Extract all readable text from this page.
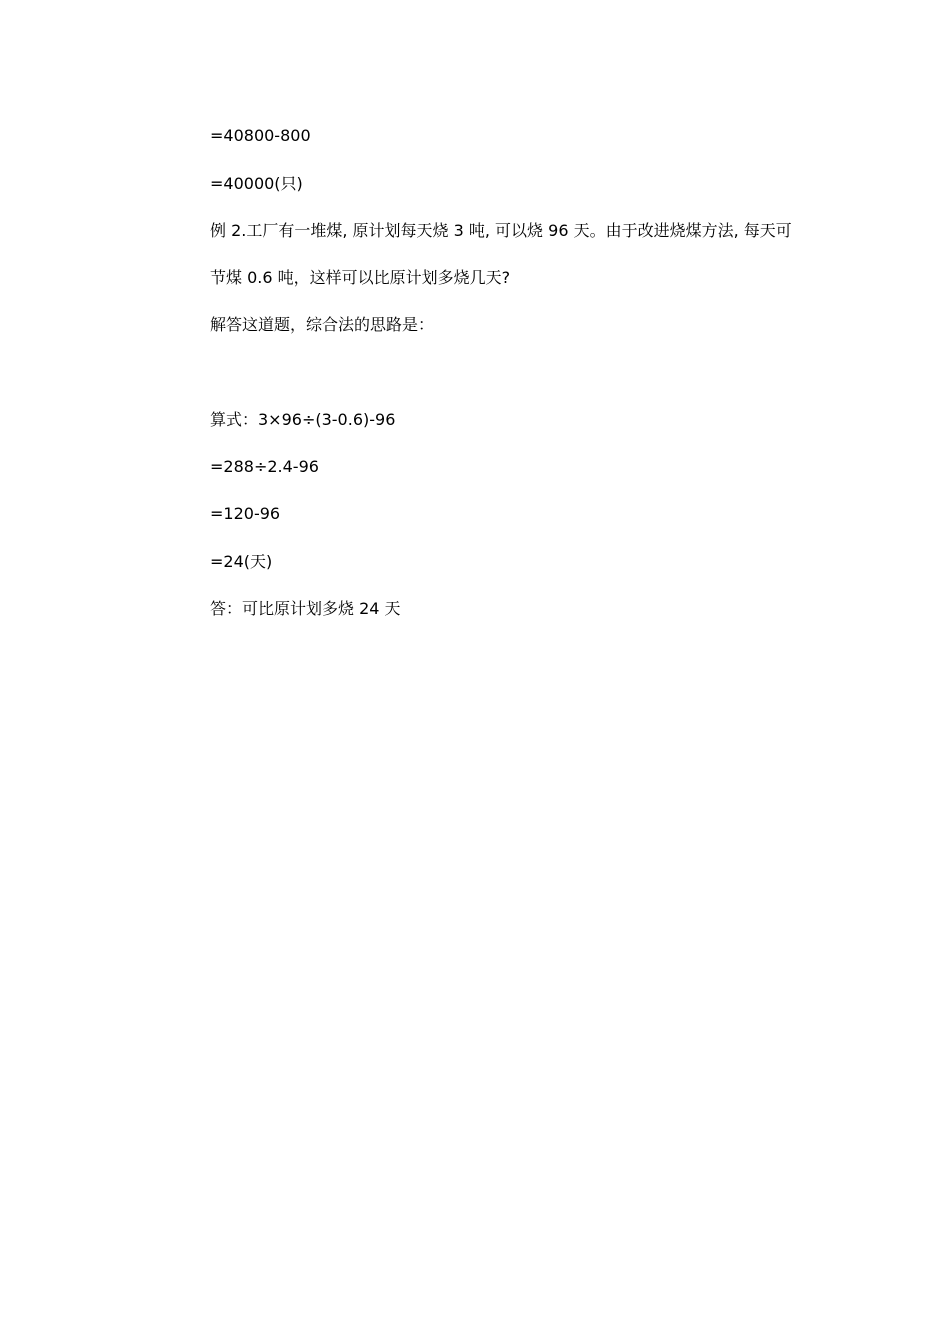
=40800-800
=40000(只)
例 2.工厂有一堆煤, 原计划每天烧 3 吨, 可以烧 96 天。由于改进烧煤方法, 每天可
节煤 0.6 吨，这样可以比原计划多烧几天?
解答这道题，综合法的思路是：
算式：3×96÷(3-0.6)-96
=288÷2.4-96
=120-96
=24(天)
答：可比原计划多烧 24 天
